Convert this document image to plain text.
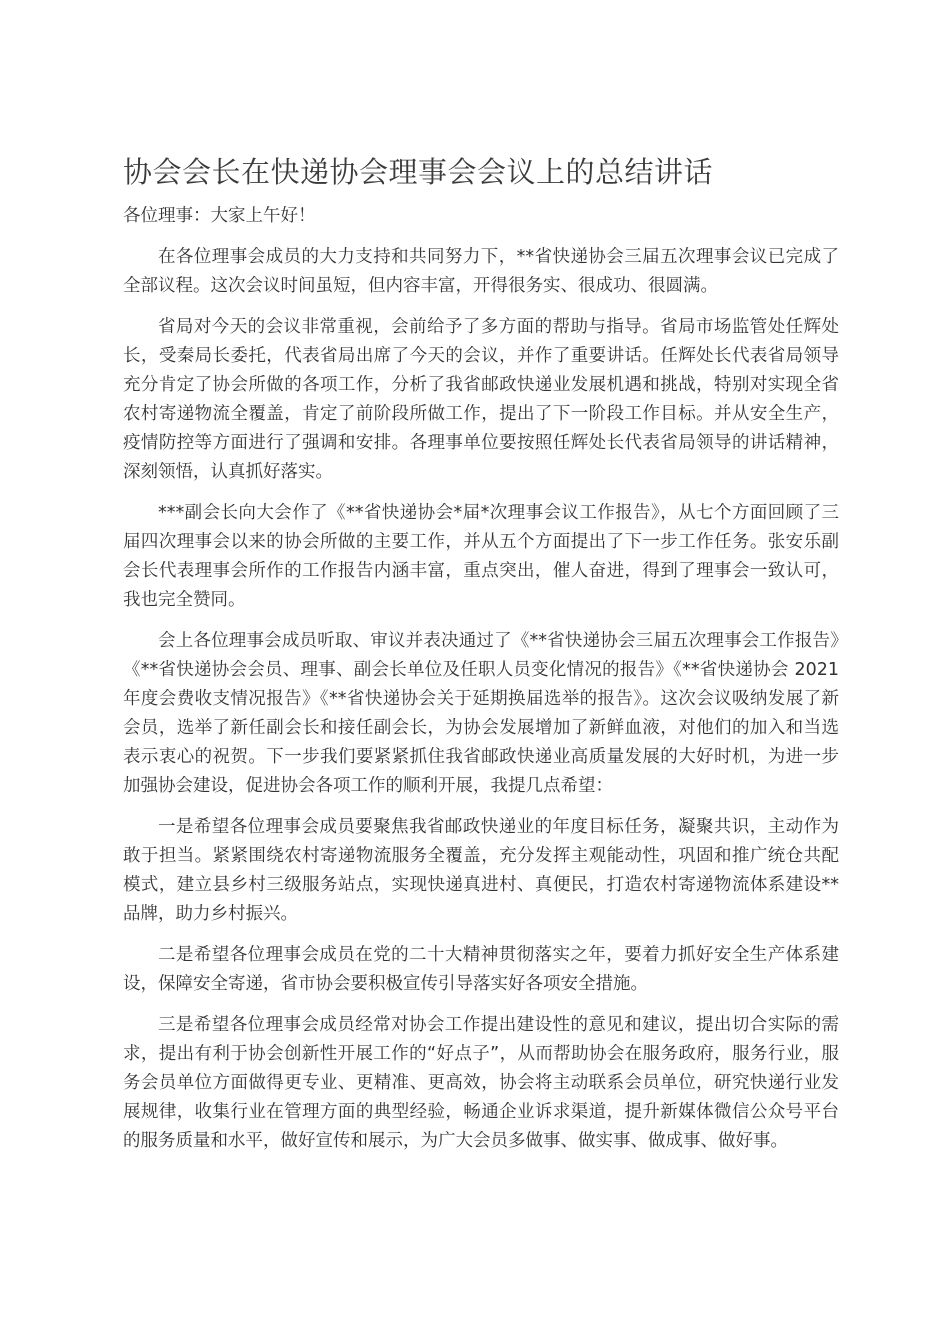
协会会长在快递协会理事会会议上的总结讲话

各位理事：大家上午好！

在各位理事会成员的大力支持和共同努力下，**省快递协会三届五次理事会议已完成了全部议程。这次会议时间虽短，但内容丰富，开得很务实、很成功、很圆满。

省局对今天的会议非常重视，会前给予了多方面的帮助与指导。省局市场监管处任辉处长，受秦局长委托，代表省局出席了今天的会议，并作了重要讲话。任辉处长代表省局领导充分肯定了协会所做的各项工作，分析了我省邮政快递业发展机遇和挑战，特别对实现全省农村寄递物流全覆盖，肯定了前阶段所做工作，提出了下一阶段工作目标。并从安全生产，疫情防控等方面进行了强调和安排。各理事单位要按照任辉处长代表省局领导的讲话精神，深刻领悟，认真抓好落实。

***副会长向大会作了《**省快递协会*届*次理事会议工作报告》，从七个方面回顾了三届四次理事会以来的协会所做的主要工作，并从五个方面提出了下一步工作任务。张安乐副会长代表理事会所作的工作报告内涵丰富，重点突出，催人奋进，得到了理事会一致认可，我也完全赞同。

会上各位理事会成员听取、审议并表决通过了《**省快递协会三届五次理事会工作报告》《**省快递协会会员、理事、副会长单位及任职人员变化情况的报告》《**省快递协会 2021 年度会费收支情况报告》《**省快递协会关于延期换届选举的报告》。这次会议吸纳发展了新会员，选举了新任副会长和接任副会长，为协会发展增加了新鲜血液，对他们的加入和当选表示衷心的祝贺。下一步我们要紧紧抓住我省邮政快递业高质量发展的大好时机，为进一步加强协会建设，促进协会各项工作的顺利开展，我提几点希望：

一是希望各位理事会成员要聚焦我省邮政快递业的年度目标任务，凝聚共识，主动作为敢于担当。紧紧围绕农村寄递物流服务全覆盖，充分发挥主观能动性，巩固和推广统仓共配模式，建立县乡村三级服务站点，实现快递真进村、真便民，打造农村寄递物流体系建设**品牌，助力乡村振兴。

二是希望各位理事会成员在党的二十大精神贯彻落实之年，要着力抓好安全生产体系建设，保障安全寄递，省市协会要积极宣传引导落实好各项安全措施。

三是希望各位理事会成员经常对协会工作提出建设性的意见和建议，提出切合实际的需求，提出有利于协会创新性开展工作的“好点子”，从而帮助协会在服务政府，服务行业，服务会员单位方面做得更专业、更精准、更高效，协会将主动联系会员单位，研究快递行业发展规律，收集行业在管理方面的典型经验，畅通企业诉求渠道，提升新媒体微信公众号平台的服务质量和水平，做好宣传和展示，为广大会员多做事、做实事、做成事、做好事。
